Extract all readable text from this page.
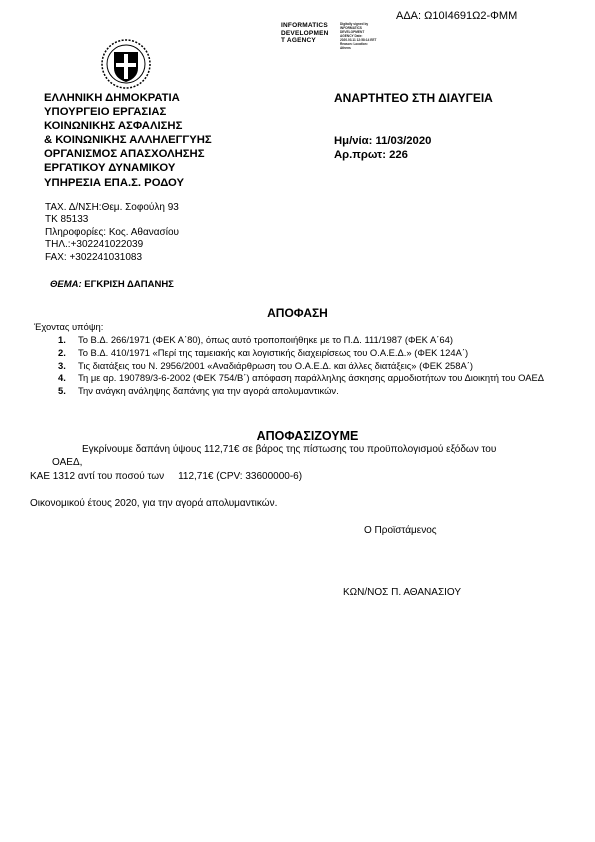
ΑΔΑ: Ω10Ι4691Ω2-ΦΜΜ
INFORMATICS
DEVELOPMEN
T AGENCY
Digitally signed by INFORMATICS DEVELOPMENT AGENCY Date: 2020.03.11 12:58:14 EET Reason: Location: Athens
ΕΛΛΗΝΙΚΗ ΔΗΜΟΚΡΑΤΙΑ
ΥΠΟΥΡΓΕΙΟ ΕΡΓΑΣΙΑΣ
ΚΟΙΝΩΝΙΚΗΣ ΑΣΦΑΛΙΣΗΣ
& ΚΟΙΝΩΝΙΚΗΣ ΑΛΛΗΛΕΓΓΥΗΣ
ΟΡΓΑΝΙΣΜΟΣ ΑΠΑΣΧΟΛΗΣΗΣ
ΕΡΓΑΤΙΚΟΥ ΔΥΝΑΜΙΚΟΥ
ΥΠΗΡΕΣΙΑ ΕΠΑ.Σ. ΡΟΔΟΥ
ΑΝΑΡΤΗΤΕΟ ΣΤΗ ΔΙΑΥΓΕΙΑ
Ημ/νία: 11/03/2020
Αρ.πρωτ: 226
ΤΑΧ. Δ/ΝΣΗ:Θεμ. Σοφούλη 93
ΤΚ 85133
Πληροφορίες: Κος. Αθανασίου
ΤΗΛ.:+302241022039
FAX: +302241031083
ΘΕΜΑ: ΕΓΚΡΙΣΗ ΔΑΠΑΝΗΣ
ΑΠΟΦΑΣΗ
Έχοντας υπόψη:
1.	Το Β.Δ. 266/1971 (ΦΕΚ Α΄80), όπως αυτό τροποποιήθηκε με το Π.Δ. 111/1987 (ΦΕΚ Α΄64)
2.	Το Β.Δ. 410/1971 «Περί της ταμειακής και λογιστικής διαχειρίσεως του Ο.Α.Ε.Δ.» (ΦΕΚ 124Α΄)
3.	Τις διατάξεις του Ν. 2956/2001 «Αναδιάρθρωση του Ο.Α.Ε.Δ. και άλλες διατάξεις» (ΦΕΚ 258Α΄)
4.	Τη με αρ. 190789/3-6-2002 (ΦΕΚ 754/Β΄) απόφαση παράλληλης άσκησης αρμοδιοτήτων του Διοικητή του ΟΑΕΔ
5.	Την ανάγκη ανάληψης δαπάνης για την αγορά απολυμαντικών.
ΑΠΟΦΑΣΙΖΟΥΜΕ
Εγκρίνουμε δαπάνη ύψους 112,71€ σε βάρος της πίστωσης του προϋπολογισμού εξόδων του
ΟΑΕΔ,
ΚΑΕ 1312 αντί του ποσού των 112,71€ (CPV: 33600000-6)
Οικονομικού έτους 2020, για την αγορά απολυμαντικών.
Ο Προϊστάμενος
ΚΩΝ/ΝΟΣ Π. ΑΘΑΝΑΣΙΟΥ
